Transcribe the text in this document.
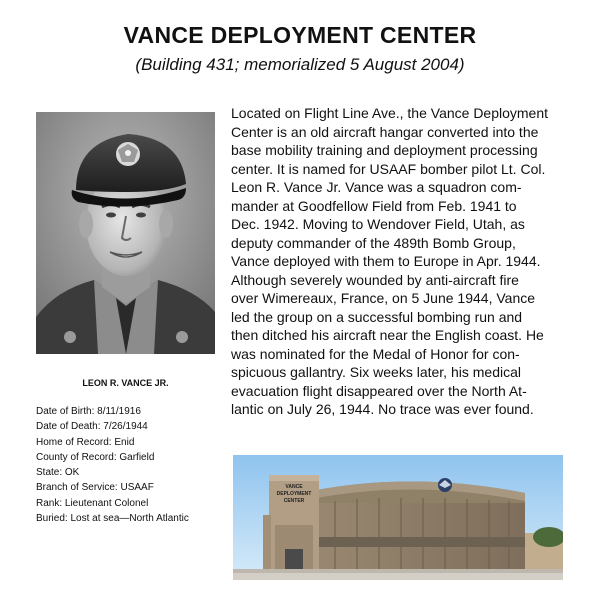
VANCE DEPLOYMENT CENTER
(Building 431; memorialized 5 August 2004)
LEON R. VANCE JR.
Date of Birth: 8/11/1916
Date of Death: 7/26/1944
Home of Record: Enid
County of Record: Garfield
State: OK
Branch of Service: USAAF
Rank: Lieutenant Colonel
Buried: Lost at sea—North Atlantic

Located on Flight Line Ave., the Vance Deployment
Center is an old aircraft hangar converted into the
base mobility training and deployment processing
center. It is named for USAAF bomber pilot Lt. Col.
Leon R. Vance Jr. Vance was a squadron com-
mander at Goodfellow Field from Feb. 1941 to
Dec. 1942. Moving to Wendover Field, Utah, as
deputy commander of the 489th Bomb Group,
Vance deployed with them to Europe in Apr. 1944.
Although severely wounded by anti-aircraft fire
over Wimereaux, France, on 5 June 1944, Vance
led the group on a successful bombing run and
then ditched his aircraft near the English coast. He
was nominated for the Medal of Honor for con-
spicuous gallantry. Six weeks later, his medical
evacuation flight disappeared over the North At-
lantic on July 26, 1944. No trace was ever found.

VANCE
DEPLOYMENT
CENTER
